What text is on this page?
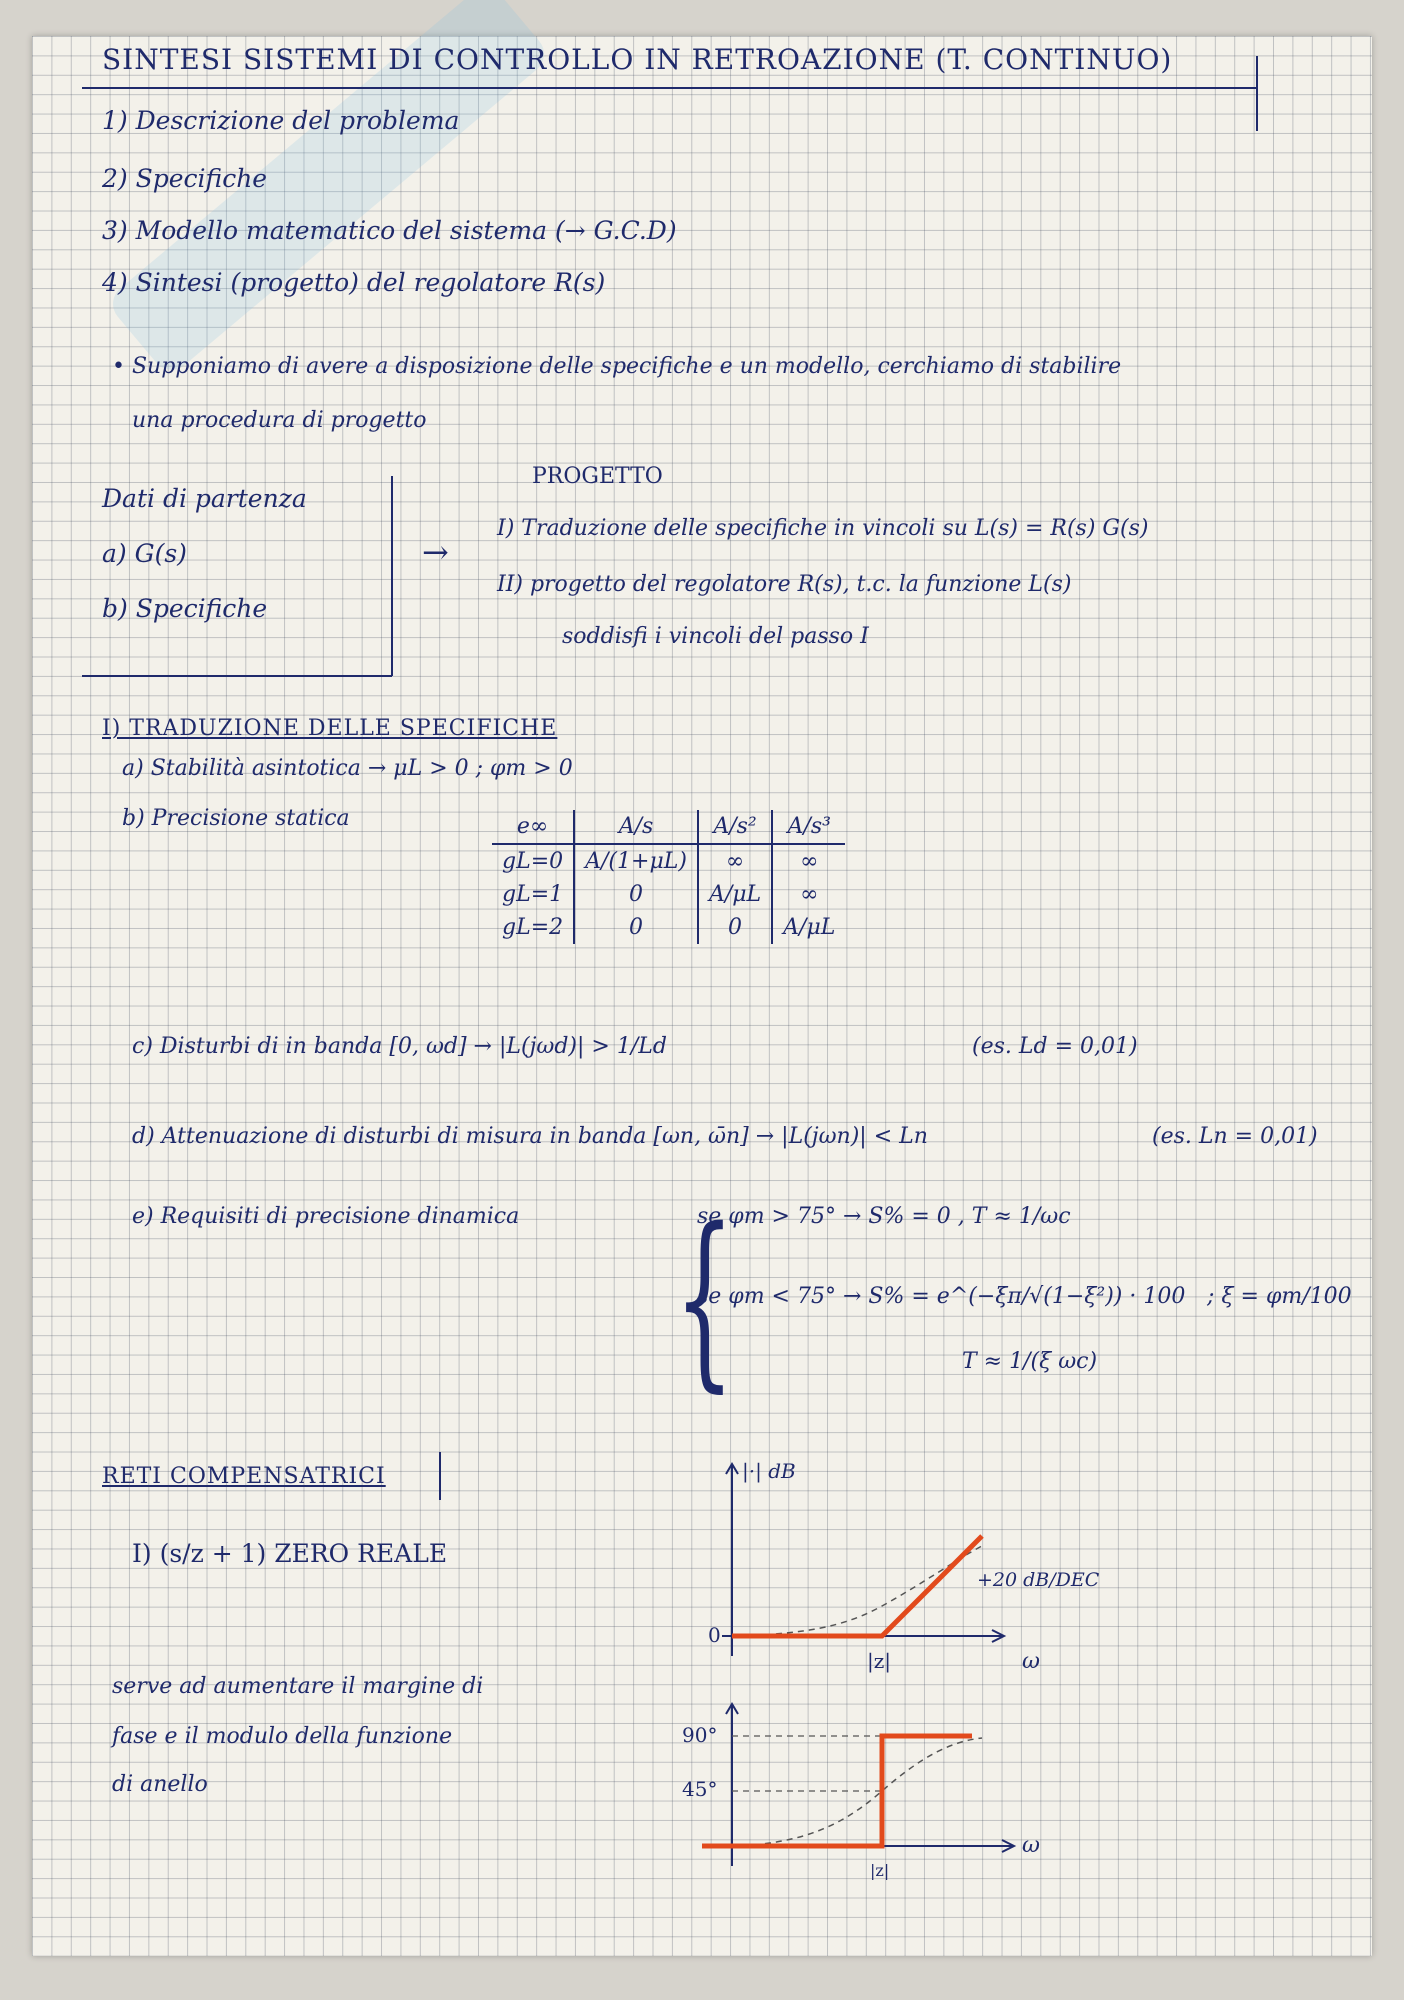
SINTESI SISTEMI DI CONTROLLO IN RETROAZIONE (T. CONTINUO)
1) Descrizione del problema
2) Specifiche
3) Modello matematico del sistema (→ G.C.D)
4) Sintesi (progetto) del regolatore R(s)
• Supponiamo di avere a disposizione delle specifiche e un modello, cerchiamo di stabilire
una procedura di progetto
Dati di partenza
a) G(s)
b) Specifiche
→
PROGETTO
I) Traduzione delle specifiche in vincoli su L(s) = R(s) G(s)
II) progetto del regolatore R(s), t.c. la funzione L(s)
soddisfi i vincoli del passo I
I) TRADUZIONE DELLE SPECIFICHE
a) Stabilità asintotica → μL > 0 ; φm > 0
b) Precisione statica	e∞	A/s	A/s²	A/s³
gL=0	A/(1+μL)	∞	∞
gL=1	0	A/μL	∞
gL=2	0	0	A/μL
c) Disturbi di in banda [0, ωd] → |L(jωd)| > 1/Ld	(es. Ld = 0,01)
d) Attenuazione di disturbi di misura in banda [ωn, ω̄n] → |L(jωn)| < Ln	(es. Ln = 0,01)
e) Requisiti di precisione dinamica {
se φm > 75° → S% = 0 , T ≈ 1/ωc
se φm < 75° → S% = e^(−ξπ/√(1−ξ²)) · 100 ; ξ = φm/100
T ≈ 1/(ξ ωc)
RETI COMPENSATRICI
I) (s/z + 1) ZERO REALE
serve ad aumentare il margine di
fase e il modulo della funzione
di anello
|·| dB
0
|z|	ω
+20 dB/DEC
90°
45°
ω
|z|
